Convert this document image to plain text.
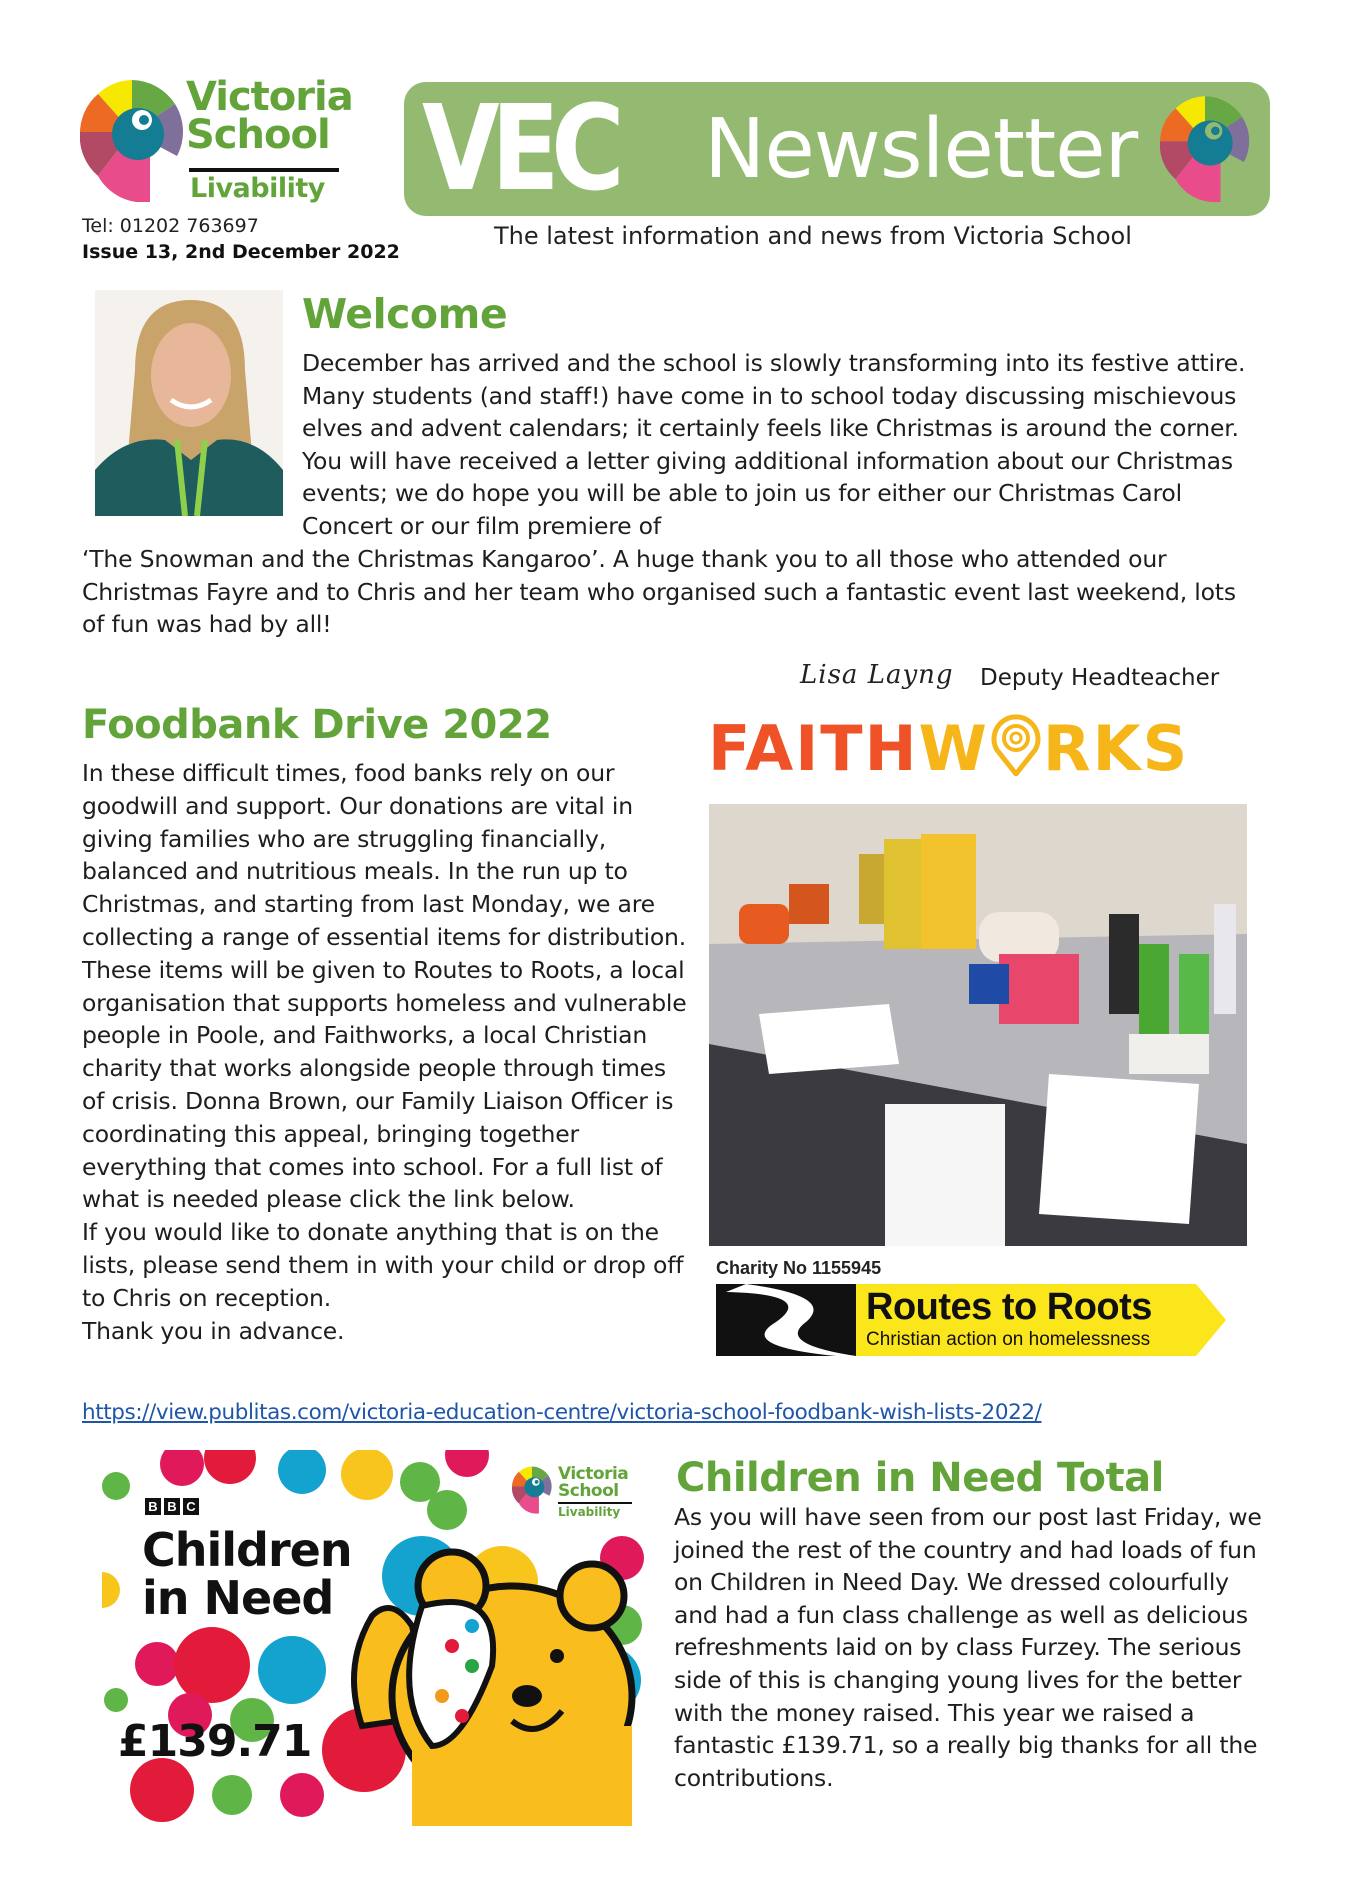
Victoria
School
Livability
Tel: 01202 763697
Issue 13, 2nd December 2022
VEC Newsletter
The latest information and news from Victoria School
Welcome

December has arrived and the school is slowly transforming into its festive attire. Many students (and staff!) have come in to school today discussing mischievous elves and advent calendars; it certainly feels like Christmas is around the corner. You will have received a letter giving additional information about our Christmas events; we do hope you will be able to join us for either our Christmas Carol Concert or our film premiere of

‘The Snowman and the Christmas Kangaroo’. A huge thank you to all those who attended our Christmas Fayre and to Chris and her team who organised such a fantastic event last weekend, lots of fun was had by all!

Lisa Layng Deputy Headteacher
Foodbank Drive 2022

In these difficult times, food banks rely on our goodwill and support. Our donations are vital in giving families who are struggling financially, balanced and nutritious meals. In the run up to Christmas, and starting from last Monday, we are collecting a range of essential items for distribution. These items will be given to Routes to Roots, a local organisation that supports homeless and vulnerable people in Poole, and Faithworks, a local Christian charity that works alongside people through times of crisis. Donna Brown, our Family Liaison Officer is coordinating this appeal, bringing together everything that comes into school. For a full list of what is needed please click the link below.

If you would like to donate anything that is on the lists, please send them in with your child or drop off to Chris on reception.

Thank you in advance.

FAITHW RKS
Charity No 1155945
Routes to Roots
Christian action on homelessness
https://view.publitas.com/victoria-education-centre/victoria-school-foodbank-wish-lists-2022/
B B C
Children
in Need
£139.71
Victoria
School
Livability
Children in Need Total

As you will have seen from our post last Friday, we joined the rest of the country and had loads of fun on Children in Need Day. We dressed colourfully and had a fun class challenge as well as delicious refreshments laid on by class Furzey. The serious side of this is changing young lives for the better with the money raised. This year we raised a fantastic £139.71, so a really big thanks for all the contributions.
